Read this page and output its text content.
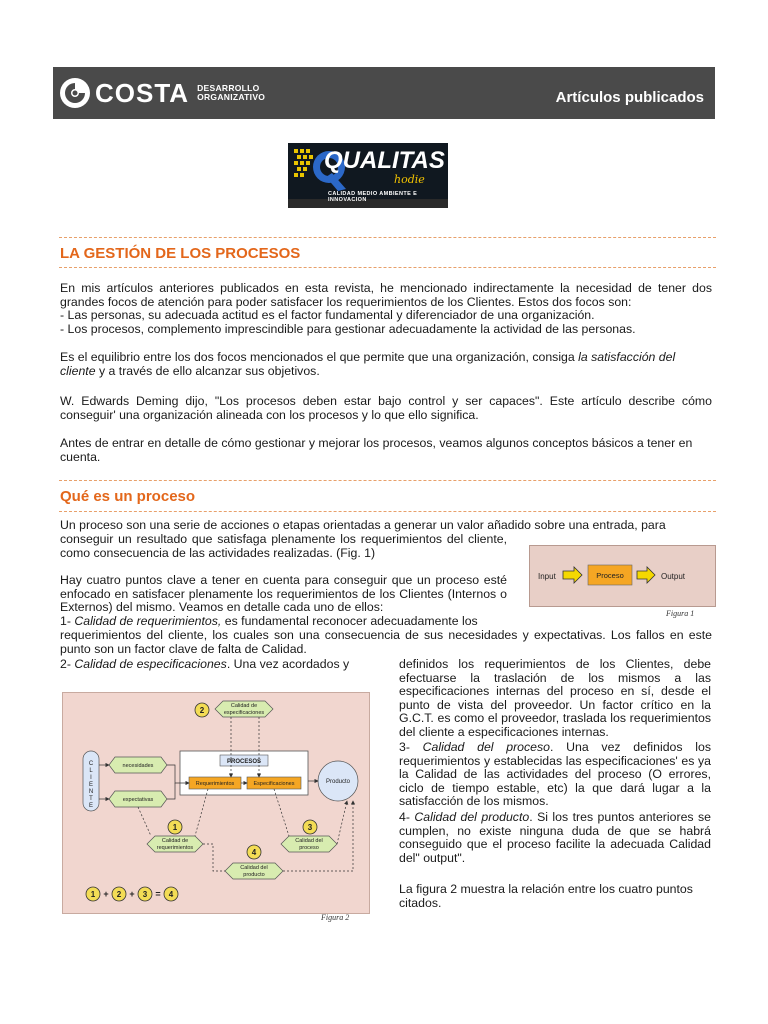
COSTA DESARROLLO
ORGANIZATIVO	Artículos publicados
QUALITAS
hodie
CALIDAD MEDIO AMBIENTE E INNOVACION
LA GESTIÓN DE LOS PROCESOS
En mis artículos anteriores publicados en esta revista, he mencionado indirectamente la necesidad de tener dos grandes focos de atención para poder satisfacer los requerimientos de los Clientes. Estos dos focos son:
- Las personas, su adecuada actitud es el factor fundamental y diferenciador de una organización.
- Los procesos, complemento imprescindible para gestionar adecuadamente la actividad de las personas.
Es el equilibrio entre los dos focos mencionados el que permite que una organización, consiga la satisfacción del cliente y a través de ello alcanzar sus objetivos.
W. Edwards Deming dijo, "Los procesos deben estar bajo control y ser capaces". Este artículo describe cómo conseguir' una organización alineada con los procesos y lo que ello significa.
Antes de entrar en detalle de cómo gestionar y mejorar los procesos, veamos algunos conceptos básicos a tener en cuenta.
Qué es un proceso
Un proceso son una serie de acciones o etapas orientadas a generar un valor añadido sobre una entrada, para
conseguir un resultado que satisfaga plenamente los requerimientos del cliente, como consecuencia de las actividades realizadas. (Fig. 1)
Hay cuatro puntos clave a tener en cuenta para conseguir que un proceso esté enfocado en satisfacer plenamente los requerimientos de los Clientes (Internos o Externos) del mismo. Veamos en detalle cada uno de ellos:
1- Calidad de requerimientos, es fundamental reconocer adecuadamente los
requerimientos del cliente, los cuales son una consecuencia de sus necesidades y expectativas. Los fallos en este punto son un factor clave de falta de Calidad.
2- Calidad de especificaciones. Una vez acordados y	definidos los requerimientos de los Clientes, debe efectuarse la traslación de los mismos a las especificaciones internas del proceso en sí, desde el punto de vista del proveedor. Un factor crítico en la G.C.T. es como el proveedor, traslada los requerimientos del cliente a especificaciones internas.
3- Calidad del proceso. Una vez definidos los requerimientos y establecidas las especificaciones' es ya la Calidad de las actividades del proceso (O errores, ciclo de tiempo estable, etc) la que dará lugar a la satisfacción de los mismos.
4- Calidad del producto. Si los tres puntos anteriores se cumplen, no existe ninguna duda de que se habrá conseguido que el proceso facilite la adecuada Calidad del" output".
La figura 2 muestra la relación entre los cuatro puntos citados.
Input	Proceso	Output
Figura 1
C
L
I
E
N
T
E
necesidades
expectativas
PROCESOS
Requerimientos	Especificaciones	Producto
2	Calidad de
especificaciones
1
Calidad de
requerimientos
3
Calidad del
proceso
4
Calidad del
producto
1 + 2 + 3 = 4
Figura 2
